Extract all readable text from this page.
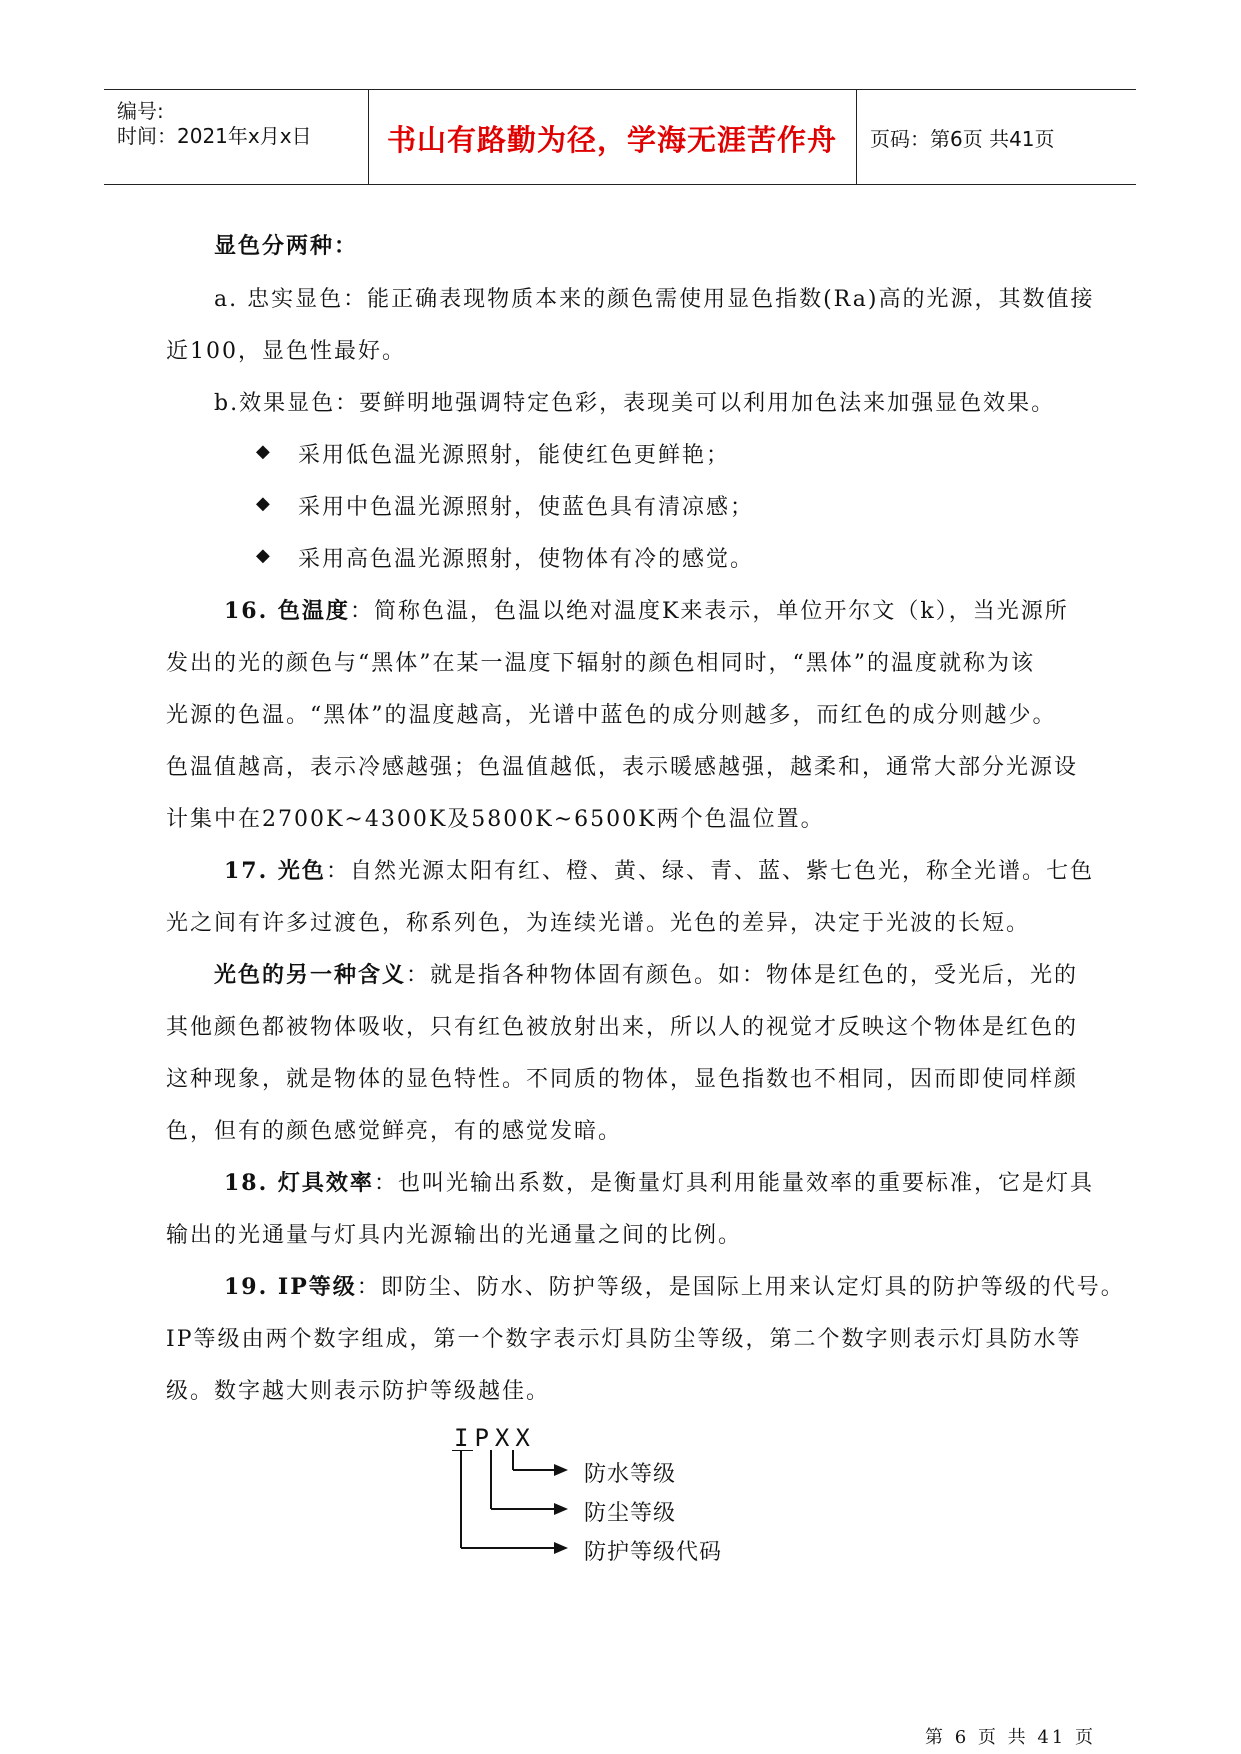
编号:
时间：2021年x月x日	书山有路勤为径，学海无涯苦作舟	页码：第6页 共41页
显色分两种：
a. 忠实显色：能正确表现物质本来的颜色需使用显色指数(Ra)高的光源，其数值接
近100，显色性最好。
b.效果显色：要鲜明地强调特定色彩，表现美可以利用加色法来加强显色效果。
◆ 采用低色温光源照射，能使红色更鲜艳；
◆ 采用中色温光源照射，使蓝色具有清凉感；
◆ 采用高色温光源照射，使物体有冷的感觉。
16. 色温度：简称色温，色温以绝对温度K来表示，单位开尔文（k），当光源所
发出的光的颜色与“黑体”在某一温度下辐射的颜色相同时，“黑体”的温度就称为该
光源的色温。“黑体”的温度越高，光谱中蓝色的成分则越多，而红色的成分则越少。
色温值越高，表示冷感越强；色温值越低，表示暖感越强，越柔和，通常大部分光源设
计集中在2700K~4300K及5800K~6500K两个色温位置。
17. 光色：自然光源太阳有红、橙、黄、绿、青、蓝、紫七色光，称全光谱。七色
光之间有许多过渡色，称系列色，为连续光谱。光色的差异，决定于光波的长短。
光色的另一种含义：就是指各种物体固有颜色。如：物体是红色的，受光后，光的
其他颜色都被物体吸收，只有红色被放射出来，所以人的视觉才反映这个物体是红色的
这种现象，就是物体的显色特性。不同质的物体，显色指数也不相同，因而即使同样颜
色，但有的颜色感觉鲜亮，有的感觉发暗。
18. 灯具效率：也叫光输出系数，是衡量灯具利用能量效率的重要标准，它是灯具
输出的光通量与灯具内光源输出的光通量之间的比例。
19. IP等级：即防尘、防水、防护等级，是国际上用来认定灯具的防护等级的代号。
IP等级由两个数字组成，第一个数字表示灯具防尘等级，第二个数字则表示灯具防水等
级。数字越大则表示防护等级越佳。
IPXX
防水等级
防尘等级
防护等级代码
第 6 页 共 41 页
